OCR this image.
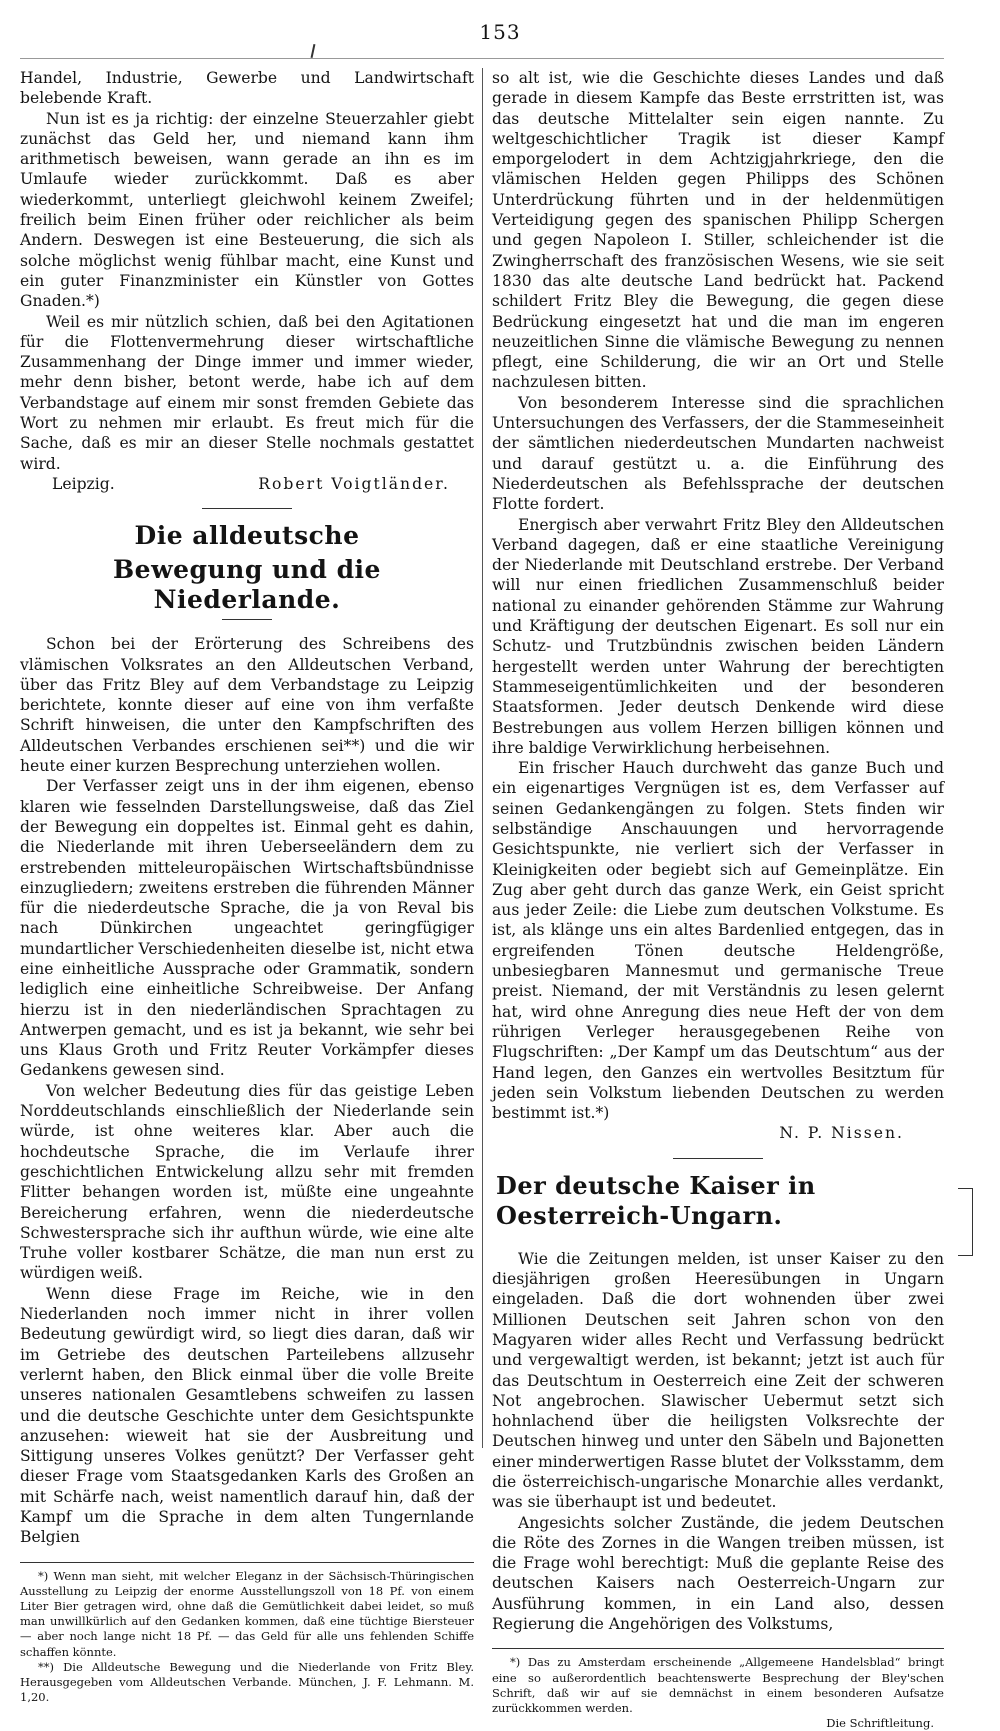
153

Handel, Industrie, Gewerbe und Landwirtschaft belebende Kraft.

Nun ist es ja richtig: der einzelne Steuerzahler giebt zunächst das Geld her, und niemand kann ihm arithmetisch beweisen, wann gerade an ihn es im Umlaufe wieder zurückkommt. Daß es aber wiederkommt, unterliegt gleichwohl keinem Zweifel; freilich beim Einen früher oder reichlicher als beim Andern. Deswegen ist eine Besteuerung, die sich als solche möglichst wenig fühlbar macht, eine Kunst und ein guter Finanzminister ein Künstler von Gottes Gnaden.*)

Weil es mir nützlich schien, daß bei den Agitationen für die Flottenvermehrung dieser wirtschaftliche Zusammenhang der Dinge immer und immer wieder, mehr denn bisher, betont werde, habe ich auf dem Verbandstage auf einem mir sonst fremden Gebiete das Wort zu nehmen mir erlaubt. Es freut mich für die Sache, daß es mir an dieser Stelle nochmals gestattet wird.

Leipzig.	Robert Voigtländer.

Die alldeutsche
Bewegung und die Niederlande.

Schon bei der Erörterung des Schreibens des vlämischen Volksrates an den Alldeutschen Verband, über das Fritz Bley auf dem Verbandstage zu Leipzig berichtete, konnte dieser auf eine von ihm verfaßte Schrift hinweisen, die unter den Kampfschriften des Alldeutschen Verbandes erschienen sei**) und die wir heute einer kurzen Besprechung unterziehen wollen.

Der Verfasser zeigt uns in der ihm eigenen, ebenso klaren wie fesselnden Darstellungsweise, daß das Ziel der Bewegung ein doppeltes ist. Einmal geht es dahin, die Niederlande mit ihren Ueberseeländern dem zu erstrebenden mitteleuropäischen Wirtschaftsbündnisse einzugliedern; zweitens erstreben die führenden Männer für die niederdeutsche Sprache, die ja von Reval bis nach Dünkirchen ungeachtet geringfügiger mundartlicher Verschiedenheiten dieselbe ist, nicht etwa eine einheitliche Aussprache oder Grammatik, sondern lediglich eine einheitliche Schreibweise. Der Anfang hierzu ist in den niederländischen Sprachtagen zu Antwerpen gemacht, und es ist ja bekannt, wie sehr bei uns Klaus Groth und Fritz Reuter Vorkämpfer dieses Gedankens gewesen sind.

Von welcher Bedeutung dies für das geistige Leben Norddeutschlands einschließlich der Niederlande sein würde, ist ohne weiteres klar. Aber auch die hochdeutsche Sprache, die im Verlaufe ihrer geschichtlichen Entwickelung allzu sehr mit fremden Flitter behangen worden ist, müßte eine ungeahnte Bereicherung erfahren, wenn die niederdeutsche Schwestersprache sich ihr aufthun würde, wie eine alte Truhe voller kostbarer Schätze, die man nun erst zu würdigen weiß.

Wenn diese Frage im Reiche, wie in den Niederlanden noch immer nicht in ihrer vollen Bedeutung gewürdigt wird, so liegt dies daran, daß wir im Getriebe des deutschen Parteilebens allzusehr verlernt haben, den Blick einmal über die volle Breite unseres nationalen Gesamtlebens schweifen zu lassen und die deutsche Geschichte unter dem Gesichtspunkte anzusehen: wieweit hat sie der Ausbreitung und Sittigung unseres Volkes genützt? Der Verfasser geht dieser Frage vom Staatsgedanken Karls des Großen an mit Schärfe nach, weist namentlich darauf hin, daß der Kampf um die Sprache in dem alten Tungernlande Belgien

*) Wenn man sieht, mit welcher Eleganz in der Sächsisch-Thüringischen Ausstellung zu Leipzig der enorme Ausstellungszoll von 18 Pf. von einem Liter Bier getragen wird, ohne daß die Gemütlichkeit dabei leidet, so muß man unwillkürlich auf den Gedanken kommen, daß eine tüchtige Biersteuer — aber noch lange nicht 18 Pf. — das Geld für alle uns fehlenden Schiffe schaffen könnte.

**) Die Alldeutsche Bewegung und die Niederlande von Fritz Bley. Herausgegeben vom Alldeutschen Verbande. München, J. F. Lehmann. M. 1,20.

so alt ist, wie die Geschichte dieses Landes und daß gerade in diesem Kampfe das Beste errstritten ist, was das deutsche Mittelalter sein eigen nannte. Zu weltgeschichtlicher Tragik ist dieser Kampf emporgelodert in dem Achtzigjahrkriege, den die vlämischen Helden gegen Philipps des Schönen Unterdrückung führten und in der heldenmütigen Verteidigung gegen des spanischen Philipp Schergen und gegen Napoleon I. Stiller, schleichender ist die Zwingherrschaft des französischen Wesens, wie sie seit 1830 das alte deutsche Land bedrückt hat. Packend schildert Fritz Bley die Bewegung, die gegen diese Bedrückung eingesetzt hat und die man im engeren neuzeitlichen Sinne die vlämische Bewegung zu nennen pflegt, eine Schilderung, die wir an Ort und Stelle nachzulesen bitten.

Von besonderem Interesse sind die sprachlichen Untersuchungen des Verfassers, der die Stammeseinheit der sämtlichen niederdeutschen Mundarten nachweist und darauf gestützt u. a. die Einführung des Niederdeutschen als Befehlssprache der deutschen Flotte fordert.

Energisch aber verwahrt Fritz Bley den Alldeutschen Verband dagegen, daß er eine staatliche Vereinigung der Niederlande mit Deutschland erstrebe. Der Verband will nur einen friedlichen Zusammenschluß beider national zu einander gehörenden Stämme zur Wahrung und Kräftigung der deutschen Eigenart. Es soll nur ein Schutz- und Trutzbündnis zwischen beiden Ländern hergestellt werden unter Wahrung der berechtigten Stammeseigentümlichkeiten und der besonderen Staatsformen. Jeder deutsch Denkende wird diese Bestrebungen aus vollem Herzen billigen können und ihre baldige Verwirklichung herbeisehnen.

Ein frischer Hauch durchweht das ganze Buch und ein eigenartiges Vergnügen ist es, dem Verfasser auf seinen Gedankengängen zu folgen. Stets finden wir selbständige Anschauungen und hervorragende Gesichtspunkte, nie verliert sich der Verfasser in Kleinigkeiten oder begiebt sich auf Gemeinplätze. Ein Zug aber geht durch das ganze Werk, ein Geist spricht aus jeder Zeile: die Liebe zum deutschen Volkstume. Es ist, als klänge uns ein altes Bardenlied entgegen, das in ergreifenden Tönen deutsche Heldengröße, unbesiegbaren Mannesmut und germanische Treue preist. Niemand, der mit Verständnis zu lesen gelernt hat, wird ohne Anregung dies neue Heft der von dem rührigen Verleger herausgegebenen Reihe von Flugschriften: „Der Kampf um das Deutschtum“ aus der Hand legen, den Ganzes ein wertvolles Besitztum für jeden sein Volkstum liebenden Deutschen zu werden bestimmt ist.*)

N. P. Nissen.

Der deutsche Kaiser in Oesterreich-Ungarn.

Wie die Zeitungen melden, ist unser Kaiser zu den diesjährigen großen Heeresübungen in Ungarn eingeladen. Daß die dort wohnenden über zwei Millionen Deutschen seit Jahren schon von den Magyaren wider alles Recht und Verfassung bedrückt und vergewaltigt werden, ist bekannt; jetzt ist auch für das Deutschtum in Oesterreich eine Zeit der schweren Not angebrochen. Slawischer Uebermut setzt sich hohnlachend über die heiligsten Volksrechte der Deutschen hinweg und unter den Säbeln und Bajonetten einer minderwertigen Rasse blutet der Volksstamm, dem die österreichisch-ungarische Monarchie alles verdankt, was sie überhaupt ist und bedeutet.

Angesichts solcher Zustände, die jedem Deutschen die Röte des Zornes in die Wangen treiben müssen, ist die Frage wohl berechtigt: Muß die geplante Reise des deutschen Kaisers nach Oesterreich-Ungarn zur Ausführung kommen, in ein Land also, dessen Regierung die Angehörigen des Volkstums,

*) Das zu Amsterdam erscheinende „Allgemeene Handelsblad“ bringt eine so außerordentlich beachtenswerte Besprechung der Bley'schen Schrift, daß wir auf sie demnächst in einem besonderen Aufsatze zurückkommen werden.

Die Schriftleitung.
